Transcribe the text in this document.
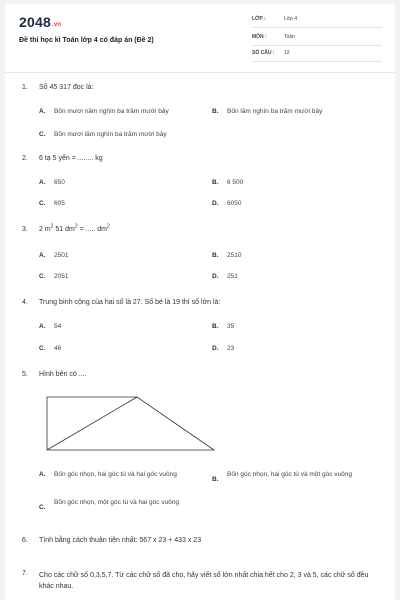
2048.vn
Đề thi học kì Toán lớp 4 có đáp án (Đề 2)
LỚP :	Lớp 4
MÔN :	Toán
SỐ CÂU : 12
1. Số 45 317 đọc là:
A. Bốn mươi năm nghìn ba trăm mười bảy	B. Bốn lăm nghìn ba trăm mười bảy
C. Bốn mươi lăm nghìn ba trăm mười bảy
2. 6 tạ 5 yến = ........ kg
A. 650	B. 6 500
C. 605	D. 6050
3. 2 $m^2$ 51 $dm^2$ = ..... $dm^2$
A. 2501	B. 2510
C. 2051	D. 251
4. Trung bình cộng của hai số là 27. Số bé là 19 thì số lớn là:
A. 54	B. 35
C. 46	D. 23
5. Hình bên có ....
A. Bốn góc nhọn, hai góc tù và hai góc vuông
B.Bốn góc nhọn, hai góc tù và một góc vuông
C.Bốn góc nhọn, một góc tù và hai góc vuông
6. Tính bằng cách thuận tiện nhất: 567 x 23 + 433 x 23
7.	Cho các chữ số 0,3,5,7. Từ các chữ số đã cho, hãy viết số lớn nhất chia hết cho 2, 3 và 5, các chữ số đều khác nhau.
